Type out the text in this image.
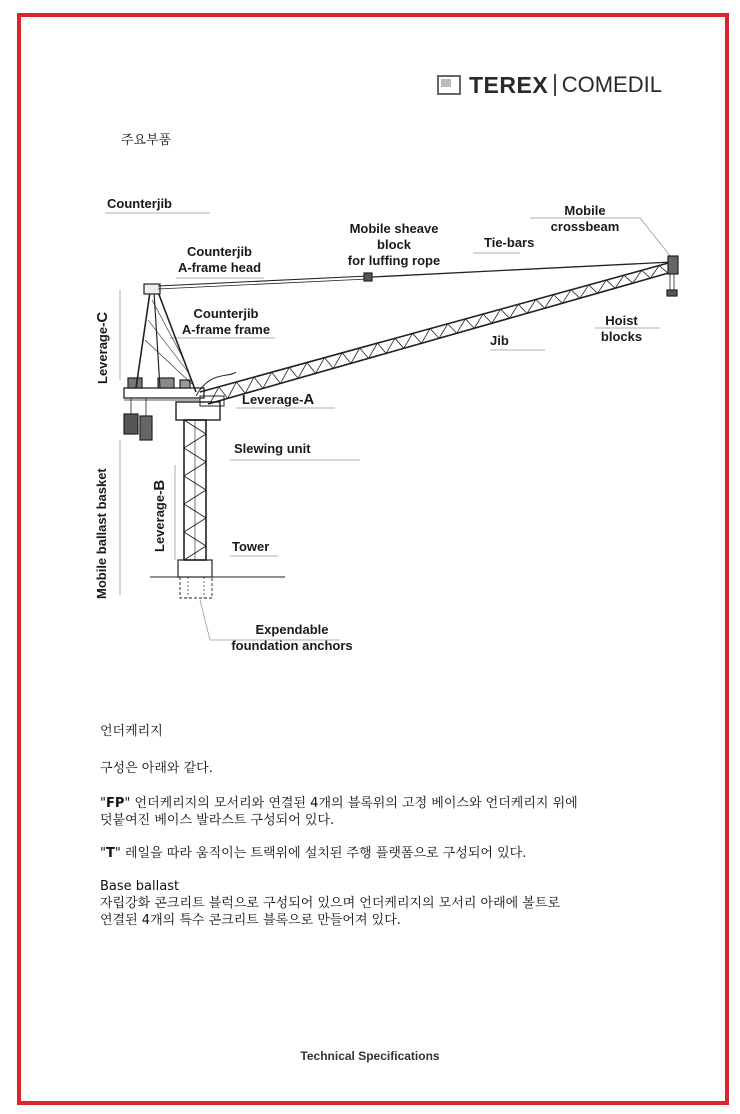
TEREX COMEDIL
주요부품
Counterjib
Counterjib
A-frame head
Mobile sheave
block
for luffing rope
Tie-bars
Mobile
crossbeam
Counterjib
A-frame frame
Hoist
blocks
Jib
Leverage-A
Slewing unit
Tower
Expendable
foundation anchors
Leverage-C
Leverage-B
Mobile ballast basket
언더케리지
구성은 아래와 같다.
"FP" 언더케리지의 모서리와 연결된 4개의 블록위의 고정 베이스와 언더케리지 위에
덧붙여진 베이스 발라스트 구성되어 있다.
"T" 레일을 따라 움직이는 트랙위에 설치된 주행 플랫폼으로 구성되어 있다.
Base ballast
자립강화 콘크리트 블럭으로 구성되어 있으며 언더케리지의 모서리 아래에 볼트로
연결된 4개의 특수 콘크리트 블록으로 만들어져 있다.
Technical Specifications
